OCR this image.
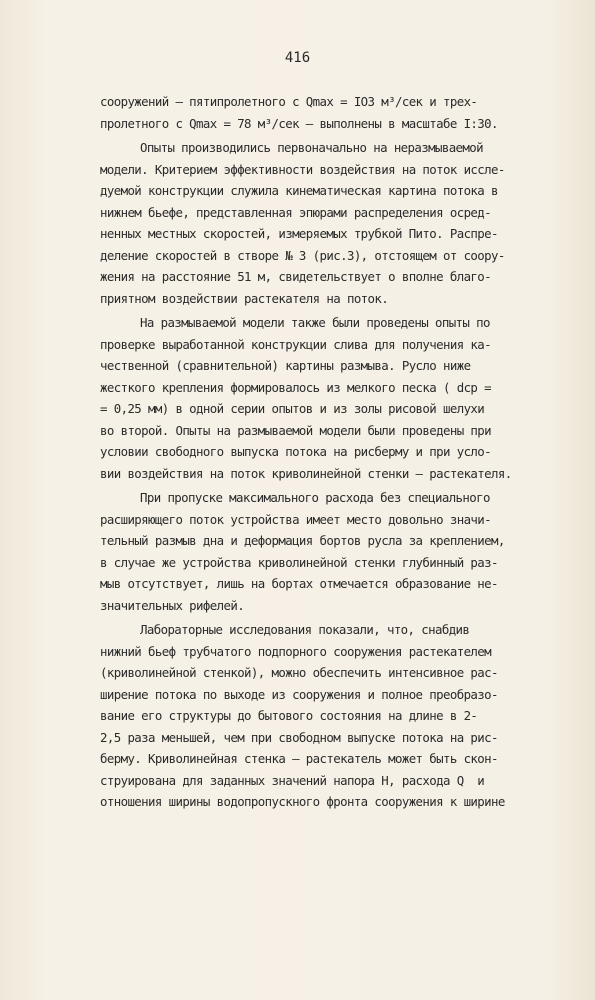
416
сооружений – пятипролетного с Qmax = IO3 м³/сек и трех-
пролетного с Qmax = 78 м³/сек – выполнены в масштабе I:30.
Опыты производились первоначально на неразмываемой
модели. Критерием эффективности воздействия на поток иссле-
дуемой конструкции служила кинематическая картина потока в
нижнем бьефе, представленная эпюрами распределения осред-
ненных местных скоростей, измеряемых трубкой Пито. Распре-
деление скоростей в створе № 3 (рис.3), отстоящем от соору-
жения на расстояние 51 м, свидетельствует о вполне благо-
приятном воздействии растекателя на поток.
На размываемой модели также были проведены опыты по
проверке выработанной конструкции слива для получения ка-
чественной (сравнительной) картины размыва. Русло ниже
жесткого крепления формировалось из мелкого песка ( dср =
= 0,25 мм) в одной серии опытов и из золы рисовой шелухи
во второй. Опыты на размываемой модели были проведены при
условии свободного выпуска потока на рисберму и при усло-
вии воздействия на поток криволинейной стенки – растекателя.
При пропуске максимального расхода без специального
расширяющего поток устройства имеет место довольно значи-
тельный размыв дна и деформация бортов русла за креплением,
в случае же устройства криволинейной стенки глубинный раз-
мыв отсутствует, лишь на бортах отмечается образование не-
значительных рифелей.
Лабораторные исследования показали, что, снабдив
нижний бьеф трубчатого подпорного сооружения растекателем
(криволинейной стенкой), можно обеспечить интенсивное рас-
ширение потока по выходе из сооружения и полное преобразо-
вание его структуры до бытового состояния на длине в 2-
2,5 раза меньшей, чем при свободном выпуске потока на рис-
берму. Криволинейная стенка – растекатель может быть скон-
струирована для заданных значений напора Н, расхода Q  и
отношения ширины водопропускного фронта сооружения к ширине
